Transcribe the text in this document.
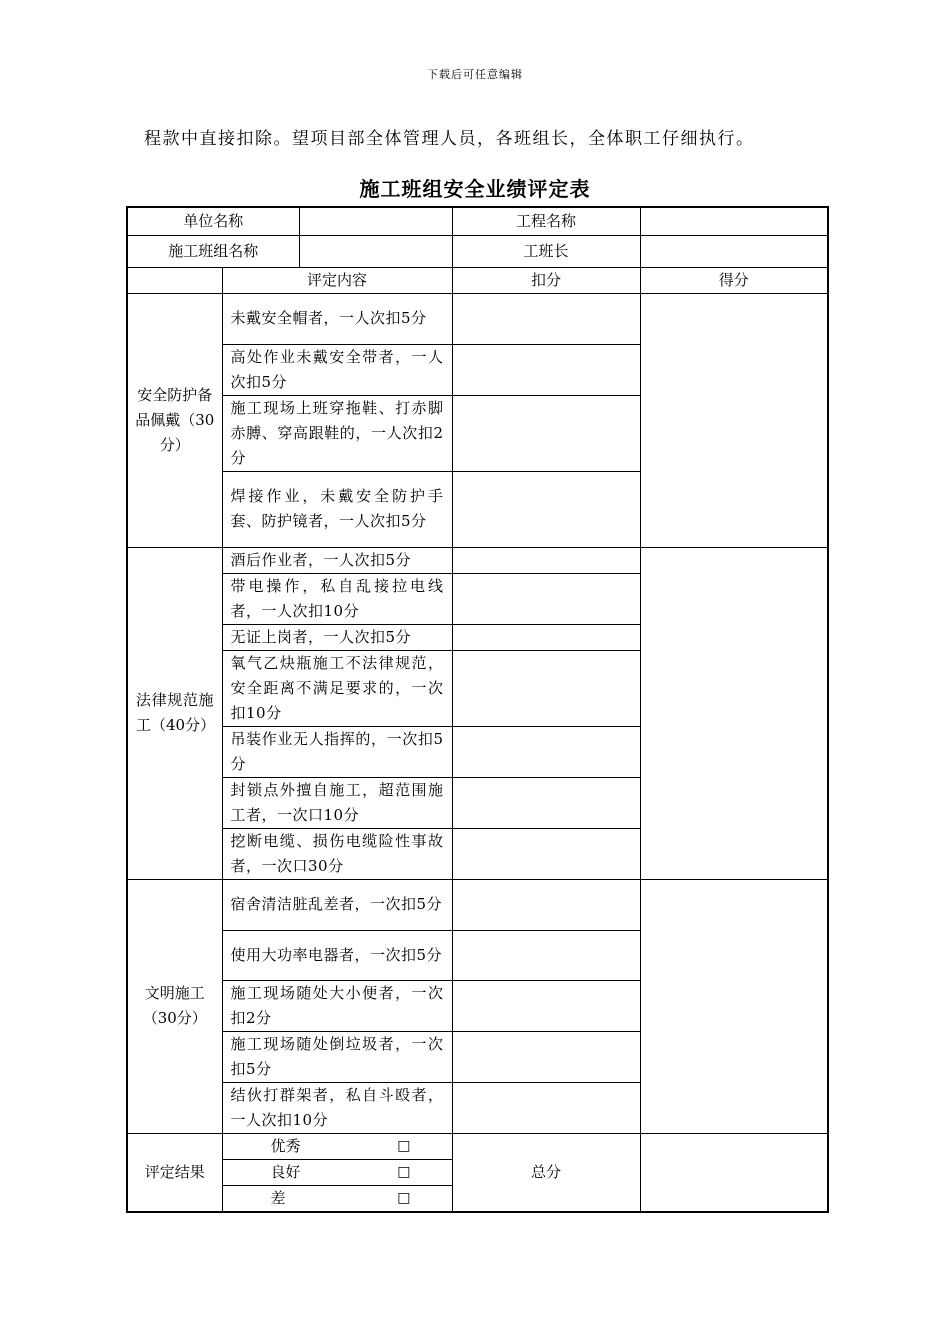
下载后可任意编辑
程款中直接扣除。望项目部全体管理人员，各班组长，全体职工仔细执行。
施工班组安全业绩评定表
单位名称			工程名称	
施工班组名称			工班长	
	评定内容		扣分	得分
安全防护备品佩戴（30分）	未戴安全帽者，一人次扣5分			
	高处作业未戴安全带者，一人次扣5分			
	施工现场上班穿拖鞋、打赤脚赤膊、穿高跟鞋的，一人次扣2分			
	焊接作业，未戴安全防护手套、防护镜者，一人次扣5分			
法律规范施工（40分）	酒后作业者，一人次扣5分			
	带电操作，私自乱接拉电线者，一人次扣10分			
	无证上岗者，一人次扣5分			
	氧气乙炔瓶施工不法律规范，安全距离不满足要求的，一次扣10分			
	吊装作业无人指挥的，一次扣5分			
	封锁点外擅自施工，超范围施工者，一次口10分			
	挖断电缆、损伤电缆险性事故者，一次口30分			
文明施工（30分）	宿舍清洁脏乱差者，一次扣5分			
	使用大功率电器者，一次扣5分			
	施工现场随处大小便者，一次扣2分			
	施工现场随处倒垃圾者，一次扣5分			
	结伙打群架者，私自斗殴者，一人次扣10分			
评定结果	优秀 □		总分	

	良好 □			

	差 □			
